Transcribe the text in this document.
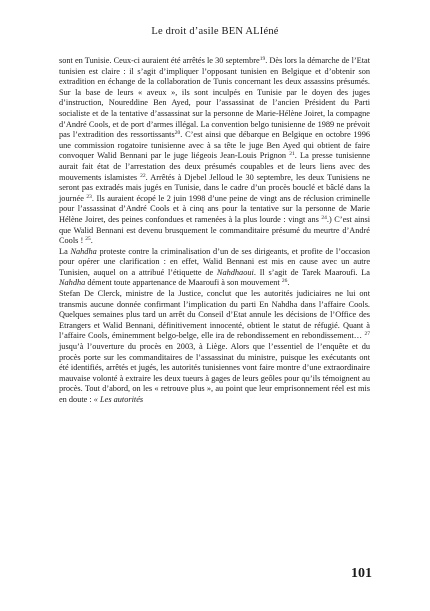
Le droit d’asile BEN ALIéné

sont en Tunisie. Ceux-ci auraient été arrêtés le 30 septembre$^{19}$. Dès lors la démarche de l’Etat tunisien est claire : il s’agit d’impliquer l’opposant tunisien en Belgique et d’obtenir son extradition en échange de la collaboration de Tunis concernant les deux assassins présumés. Sur la base de leurs « aveux », ils sont inculpés en Tunisie par le doyen des juges d’instruction, Noureddine Ben Ayed, pour l’assassinat de l’ancien Président du Parti socialiste et de la tentative d’assassinat sur la personne de Marie-Hélène Joiret, la compagne d’André Cools, et de port d’armes illégal. La convention belgo tunisienne de 1989 ne prévoit pas l’extradition des ressortissants$^{20}$. C’est ainsi que débarque en Belgique en octobre 1996 une commission rogatoire tunisienne avec à sa tête le juge Ben Ayed qui obtient de faire convoquer Walid Bennani par le juge liégeois Jean-Louis Prignon $^{21}$. La presse tunisienne aurait fait état de l’arrestation des deux présumés coupables et de leurs liens avec des mouvements islamistes $^{22}$. Arrêtés à Djebel Jelloud le 30 septembre, les deux Tunisiens ne seront pas extradés mais jugés en Tunisie, dans le cadre d’un procès bouclé et bâclé dans la journée $^{23}$. Ils auraient écopé le 2 juin 1998 d’une peine de vingt ans de réclusion criminelle pour l’assassinat d’André Cools et à cinq ans pour la tentative sur la personne de Marie Hélène Joiret, des peines confondues et ramenées à la plus lourde : vingt ans $^{24}$.) C’est ainsi que Walid Bennani est devenu brusquement le commanditaire présumé du meurtre d’André Cools ! $^{25}$.

La Nahdha proteste contre la criminalisation d’un de ses dirigeants, et profite de l’occasion pour opérer une clarification : en effet, Walid Bennani est mis en cause avec un autre Tunisien, auquel on a attribué l’étiquette de Nahdhaoui. Il s’agit de Tarek Maaroufi. La Nahdha dément toute appartenance de Maaroufi à son mouvement $^{26}$.

Stefan De Clerck, ministre de la Justice, conclut que les autorités judiciaires ne lui ont transmis aucune donnée confirmant l’implication du parti En Nahdha dans l’affaire Cools. Quelques semaines plus tard un arrêt du Conseil d’Etat annule les décisions de l’Office des Etrangers et Walid Bennani, définitivement innocenté, obtient le statut de réfugié. Quant à l’affaire Cools, éminemment belgo-belge, elle ira de rebondissement en rebondissement… $^{27}$ jusqu’à l’ouverture du procès en 2003, à Liège. Alors que l’essentiel de l’enquête et du procès porte sur les commanditaires de l’assassinat du ministre, puisque les exécutants ont été identifiés, arrêtés et jugés, les autorités tunisiennes vont faire montre d’une extraordinaire mauvaise volonté à extraire les deux tueurs à gages de leurs geôles pour qu’ils témoignent au procès. Tout d’abord, on les « retrouve plus », au point que leur emprisonnement réel est mis en doute : « Les autorités

101
